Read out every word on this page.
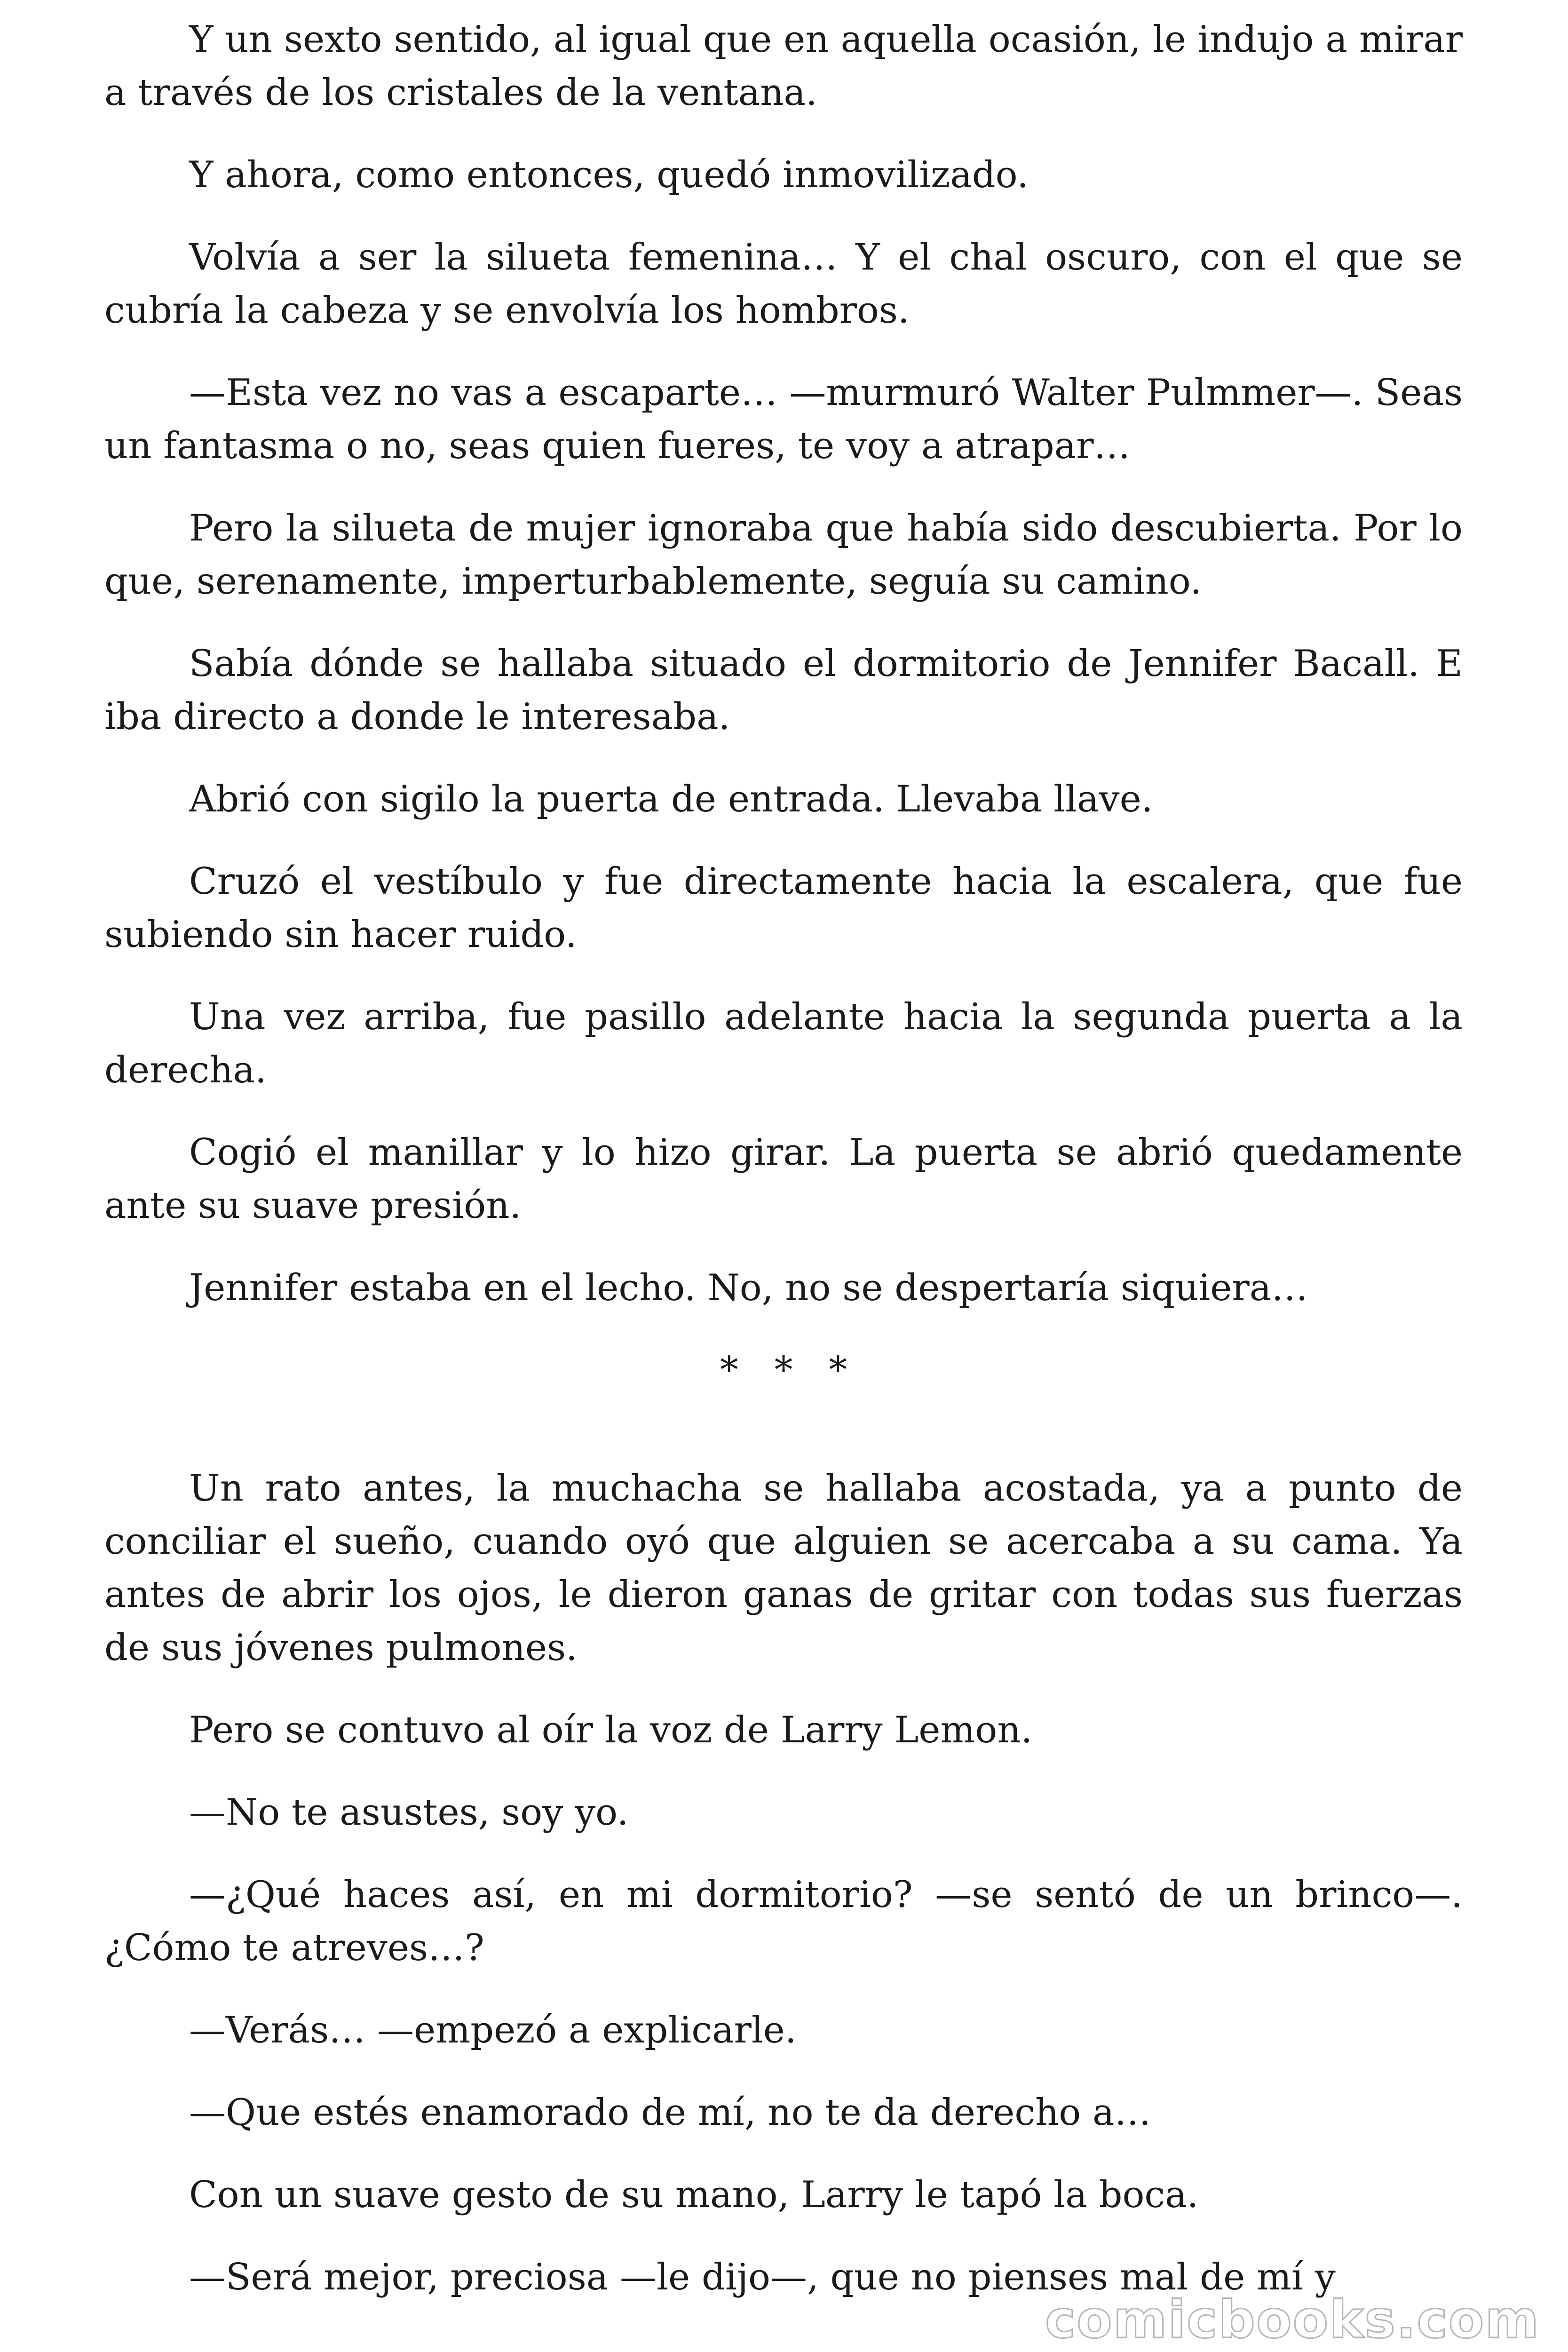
Y un sexto sentido, al igual que en aquella ocasión, le indujo a mirar a través de los cristales de la ventana.

Y ahora, como entonces, quedó inmovilizado.

Volvía a ser la silueta femenina… Y el chal oscuro, con el que se cubría la cabeza y se envolvía los hombros.

—Esta vez no vas a escaparte… —murmuró Walter Pulmmer—. Seas un fantasma o no, seas quien fueres, te voy a atrapar…

Pero la silueta de mujer ignoraba que había sido descubierta. Por lo que, serenamente, imperturbablemente, seguía su camino.

Sabía dónde se hallaba situado el dormitorio de Jennifer Bacall. E iba directo a donde le interesaba.

Abrió con sigilo la puerta de entrada. Llevaba llave.

Cruzó el vestíbulo y fue directamente hacia la escalera, que fue subiendo sin hacer ruido.

Una vez arriba, fue pasillo adelante hacia la segunda puerta a la derecha.

Cogió el manillar y lo hizo girar. La puerta se abrió quedamente ante su suave presión.

Jennifer estaba en el lecho. No, no se despertaría siquiera…

* * *

Un rato antes, la muchacha se hallaba acostada, ya a punto de conciliar el sueño, cuando oyó que alguien se acercaba a su cama. Ya antes de abrir los ojos, le dieron ganas de gritar con todas sus fuerzas de sus jóvenes pulmones.

Pero se contuvo al oír la voz de Larry Lemon.

—No te asustes, soy yo.

—¿Qué haces así, en mi dormitorio? —se sentó de un brinco—. ¿Cómo te atreves…?

—Verás… —empezó a explicarle.

—Que estés enamorado de mí, no te da derecho a…

Con un suave gesto de su mano, Larry le tapó la boca.

—Será mejor, preciosa —le dijo—, que no pienses mal de mí y

comicbooks.com
